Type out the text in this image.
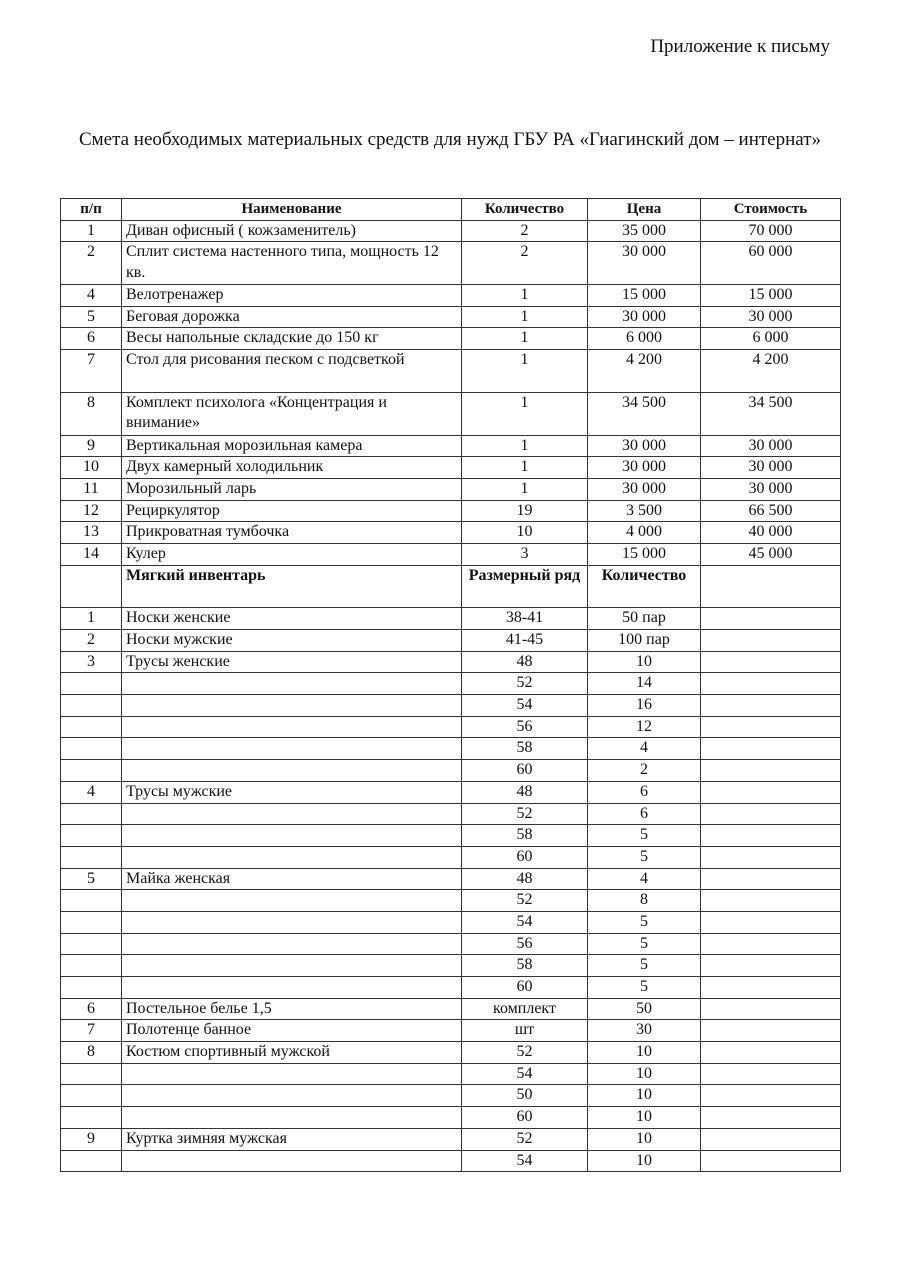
Приложение к письму
Смета необходимых материальных средств для нужд ГБУ РА «Гиагинский дом – интернат»
п/п	Наименование	Количество	Цена	Стоимость
1	Диван офисный ( кожзаменитель)	2	35 000	70 000
2	Сплит система настенного типа, мощность 12 кв.	2	30 000	60 000
4	Велотренажер	1	15 000	15 000
5	Беговая дорожка	1	30 000	30 000
6	Весы напольные складские до 150 кг	1	6 000	6 000
7	Стол для рисования песком с подсветкой	1	4 200	4 200
8	Комплект психолога «Концентрация и внимание»	1	34 500	34 500
9	Вертикальная морозильная камера	1	30 000	30 000
10	Двух камерный холодильник	1	30 000	30 000
11	Морозильный ларь	1	30 000	30 000
12	Рециркулятор	19	3 500	66 500
13	Прикроватная тумбочка	10	4 000	40 000
14	Кулер	3	15 000	45 000
	Мягкий инвентарь	Размерный ряд	Количество	
1	Носки женские	38-41	50 пар	
2	Носки мужские	41-45	100 пар	
3	Трусы женские	48	10	
		52	14	
		54	16	
		56	12	
		58	4	
		60	2	
4	Трусы мужские	48	6	
		52	6	
		58	5	
		60	5	
5	Майка женская	48	4	
		52	8	
		54	5	
		56	5	
		58	5	
		60	5	
6	Постельное белье 1,5	комплект	50	
7	Полотенце банное	шт	30	
8	Костюм спортивный мужской	52	10	
		54	10	
		50	10	
		60	10	
9	Куртка зимняя мужская	52	10	
		54	10	
